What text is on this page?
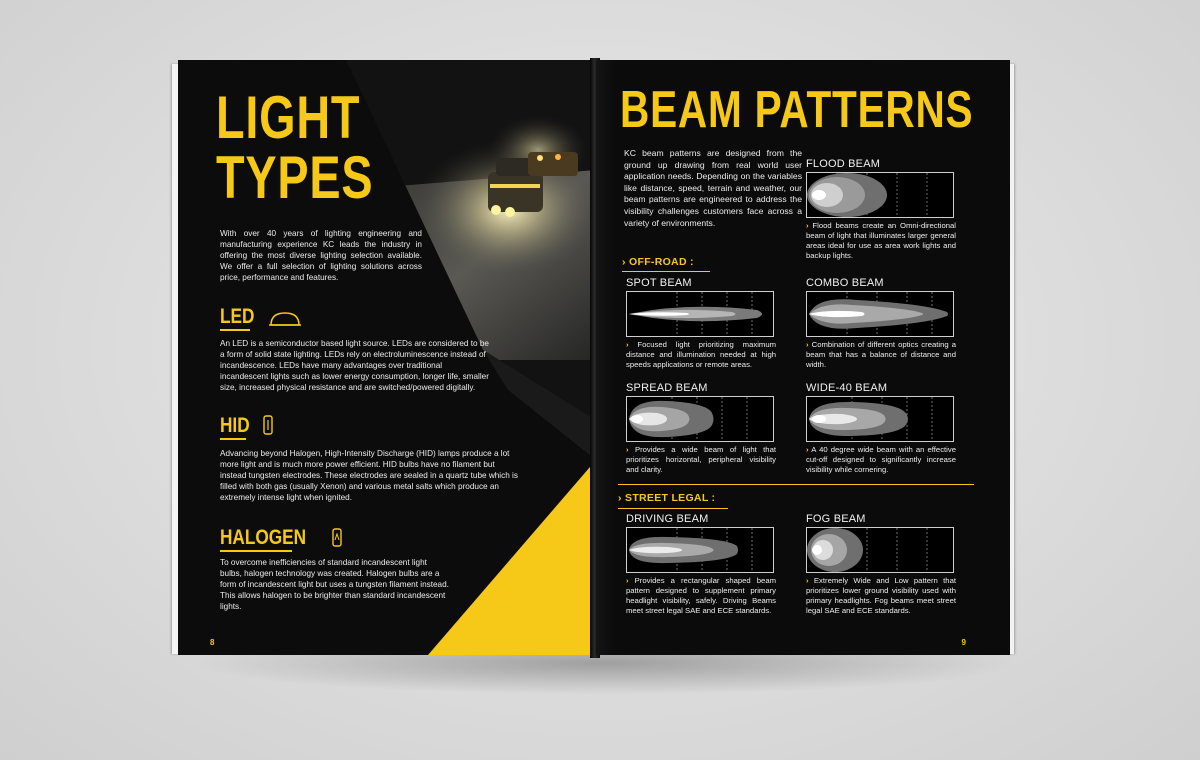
LIGHT
TYPES

With over 40 years of lighting engineering and manufacturing experience KC leads the industry in offering the most diverse lighting selection available. We offer a full selection of lighting solutions across price, performance and features.

LED

An LED is a semiconductor based light source. LEDs are considered to be a form of solid state lighting. LEDs rely on electroluminescence instead of incandescence. LEDs have many advantages over traditional incandescent lights such as lower energy consumption, longer life, smaller size, increased physical resistance and are switched/powered digitally.

HID

Advancing beyond Halogen, High-Intensity Discharge (HID) lamps produce a lot more light and is much more power efficient. HID bulbs have no filament but instead tungsten electrodes. These electrodes are sealed in a quartz tube which is filled with both gas (usually Xenon) and various metal salts which produce an extremely intense light when ignited.

HALOGEN

To overcome inefficiencies of standard incandescent light bulbs, halogen technology was created. Halogen bulbs are a form of incandescent light but uses a tungsten filament instead. This allows halogen to be brighter than standard incandescent lights.

8
BEAM PATTERNS

KC beam patterns are designed from the ground up drawing from real world user application needs. Depending on the variables like distance, speed, terrain and weather, our beam patterns are engineered to address the visibility challenges customers face across a variety of environments.

› OFF-ROAD :
› STREET LEGAL :
FLOOD BEAM
› Flood beams create an Omni-directional beam of light that illuminates larger general areas ideal for use as area work lights and backup lights.
SPOT BEAM
› Focused light prioritizing maximum distance and illumination needed at high speeds applications or remote areas.
COMBO BEAM
› Combination of different optics creating a beam that has a balance of distance and width.
SPREAD BEAM
› Provides a wide beam of light that prioritizes horizontal, peripheral visibility and clarity.
WIDE-40 BEAM
› A 40 degree wide beam with an effective cut-off designed to significantly increase visibility while cornering.
DRIVING BEAM
› Provides a rectangular shaped beam pattern designed to supplement primary headlight visibility, safely. Driving Beams meet street legal SAE and ECE standards.
FOG BEAM
› Extremely Wide and Low pattern that prioritizes lower ground visibility used with primary headlights. Fog beams meet street legal SAE and ECE standards.
9
